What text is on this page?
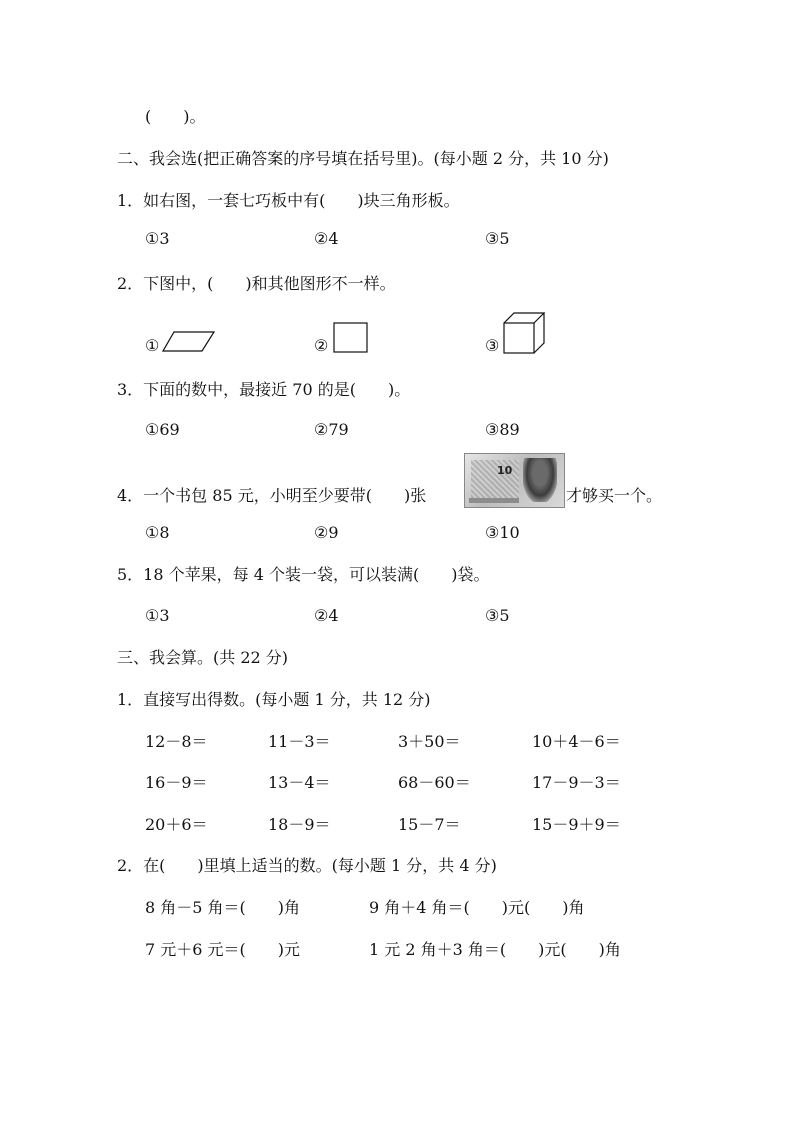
(　　)。
二、我会选(把正确答案的序号填在括号里)。(每小题 2 分，共 10 分)
1．如右图，一套七巧板中有(　　)块三角形板。
①3	②4	③5
2．下图中，(　　)和其他图形不一样。
①	②	③
3．下面的数中，最接近 70 的是(　　)。
①69	②79	③89
4．一个书包 85 元，小明至少要带(　　)张
10
才够买一个。
①8	②9	③10
5．18 个苹果，每 4 个装一袋，可以装满(　　)袋。
①3	②4	③5
三、我会算。(共 22 分)
1．直接写出得数。(每小题 1 分，共 12 分)
12－8＝	11－3＝	3＋50＝	10＋4－6＝
16－9＝	13－4＝	68－60＝	17－9－3＝
20＋6＝	18－9＝	15－7＝	15－9＋9＝
2．在(　　)里填上适当的数。(每小题 1 分，共 4 分)
8 角－5 角＝(　　)角	9 角＋4 角＝(　　)元(　　)角
7 元＋6 元＝(　　)元	1 元 2 角＋3 角＝(　　)元(　　)角
